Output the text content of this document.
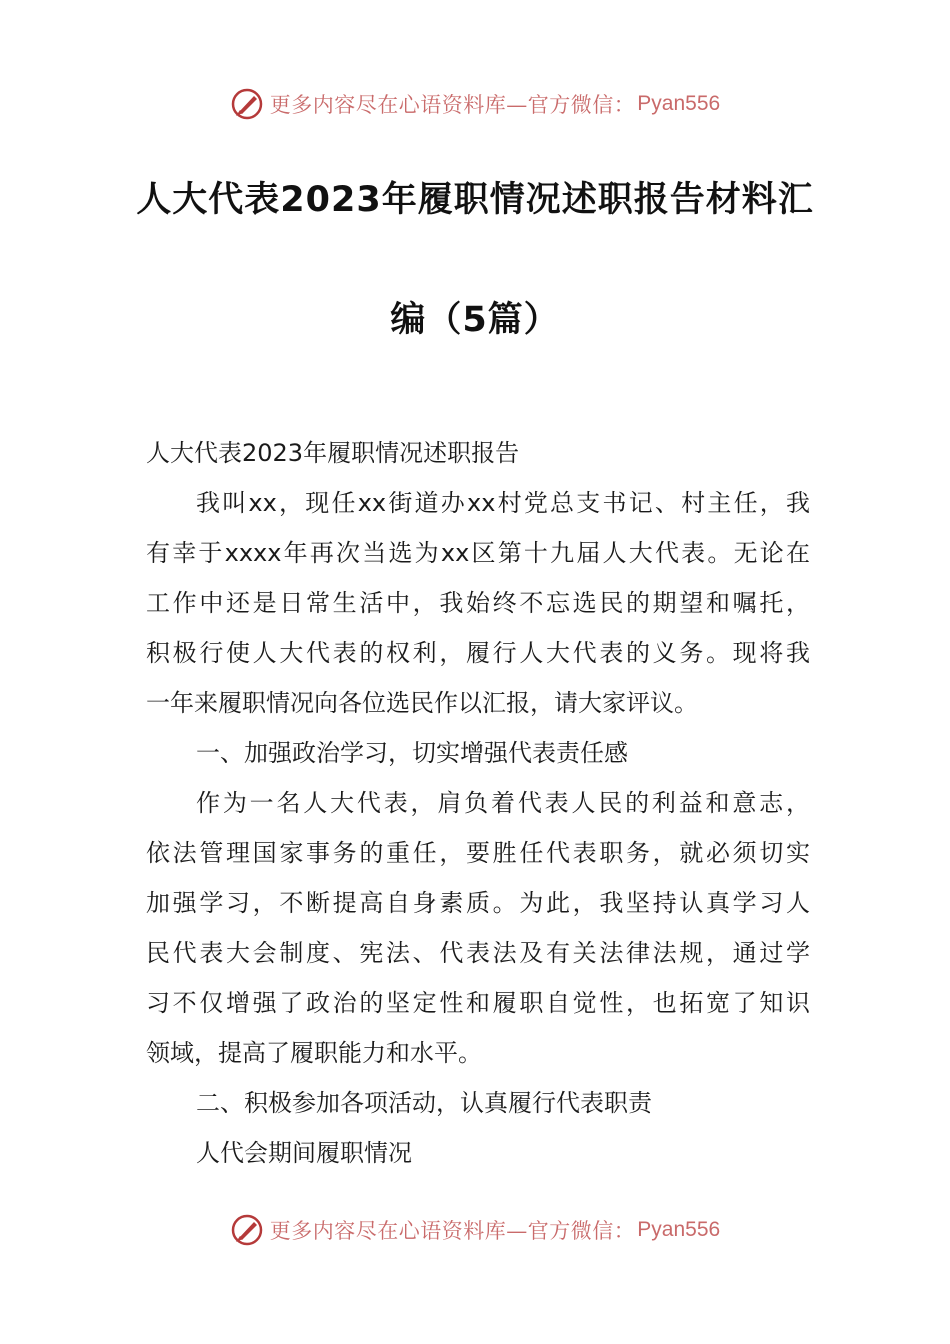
更多内容尽在心语资料库—官方微信： Pyan556
人大代表2023年履职情况述职报告材料汇
编（5篇）
人大代表2023年履职情况述职报告
我叫xx，现任xx街道办xx村党总支书记、村主任，我
有幸于xxxx年再次当选为xx区第十九届人大代表。无论在
工作中还是日常生活中，我始终不忘选民的期望和嘱托，
积极行使人大代表的权利，履行人大代表的义务。现将我
一年来履职情况向各位选民作以汇报，请大家评议。
一、加强政治学习，切实增强代表责任感
作为一名人大代表，肩负着代表人民的利益和意志，
依法管理国家事务的重任，要胜任代表职务，就必须切实
加强学习，不断提高自身素质。为此，我坚持认真学习人
民代表大会制度、宪法、代表法及有关法律法规，通过学
习不仅增强了政治的坚定性和履职自觉性，也拓宽了知识
领域，提高了履职能力和水平。
二、积极参加各项活动，认真履行代表职责
人代会期间履职情况
更多内容尽在心语资料库—官方微信： Pyan556
